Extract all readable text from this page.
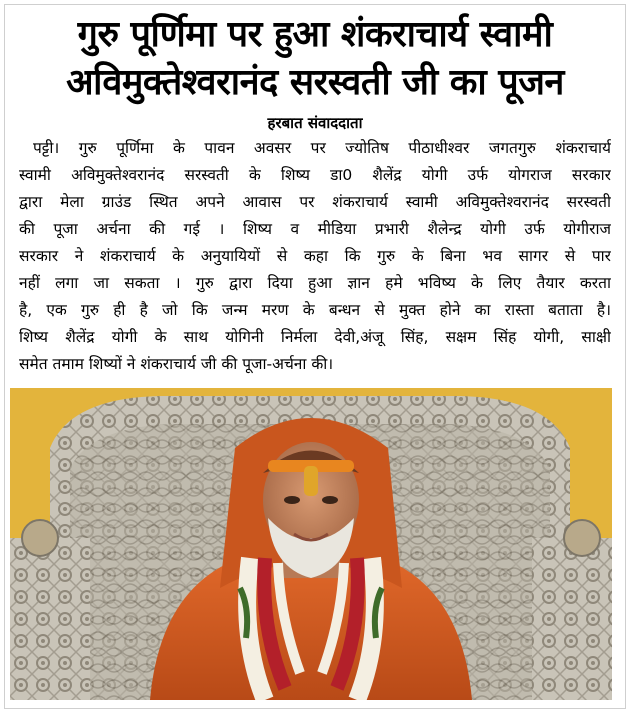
गुरु पूर्णिमा पर हुआ शंकराचार्य स्वामी
अविमुक्तेश्वरानंद सरस्वती जी का पूजन
हरबात संवाददाता
पट्टी। गुरु पूर्णिमा के पावन अवसर पर ज्योतिष पीठाधीश्वर जगतगुरु शंकराचार्य
स्वामी अविमुक्तेश्वरानंद सरस्वती के शिष्य डा0 शैलेंद्र योगी उर्फ योगराज सरकार
द्वारा मेला ग्राउंड स्थित अपने आवास पर शंकराचार्य स्वामी अविमुक्तेश्वरानंद सरस्वती
की पूजा अर्चना की गई । शिष्य व मीडिया प्रभारी शैलेन्द्र योगी उर्फ योगीराज
सरकार ने शंकराचार्य के अनुयायियों से कहा कि गुरु के बिना भव सागर से पार
नहीं लगा जा सकता । गुरु द्वारा दिया हुआ ज्ञान हमे भविष्य के लिए तैयार करता
है, एक गुरु ही है जो कि जन्म मरण के बन्धन से मुक्त होने का रास्ता बताता है।
शिष्य शैलेंद्र योगी के साथ योगिनी निर्मला देवी,अंजू सिंह, सक्षम सिंह योगी, साक्षी
समेत तमाम शिष्यों ने शंकराचार्य जी की पूजा-अर्चना की।
